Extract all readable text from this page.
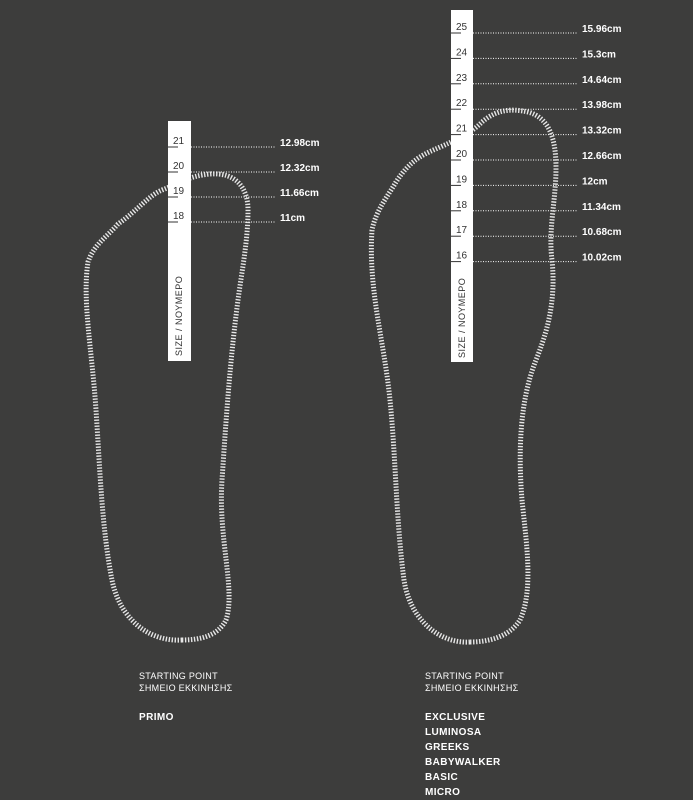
SIZE / ΝΟΥΜΕΡΟ
21	12.98cm
20	12.32cm
19	11.66cm
18	11cm
SIZE / ΝΟΥΜΕΡΟ
25	15.96cm
24	15.3cm
23	14.64cm
22	13.98cm
21	13.32cm
20	12.66cm
19	12cm
18	11.34cm
17	10.68cm
16	10.02cm
STARTING POINT
ΣΗΜΕΙΟ ΕΚΚΙΝΗΣΗΣ
PRIMO
STARTING POINT
ΣΗΜΕΙΟ ΕΚΚΙΝΗΣΗΣ
EXCLUSIVE
LUMINOSA
GREEKS
BABYWALKER
BASIC
MICRO
